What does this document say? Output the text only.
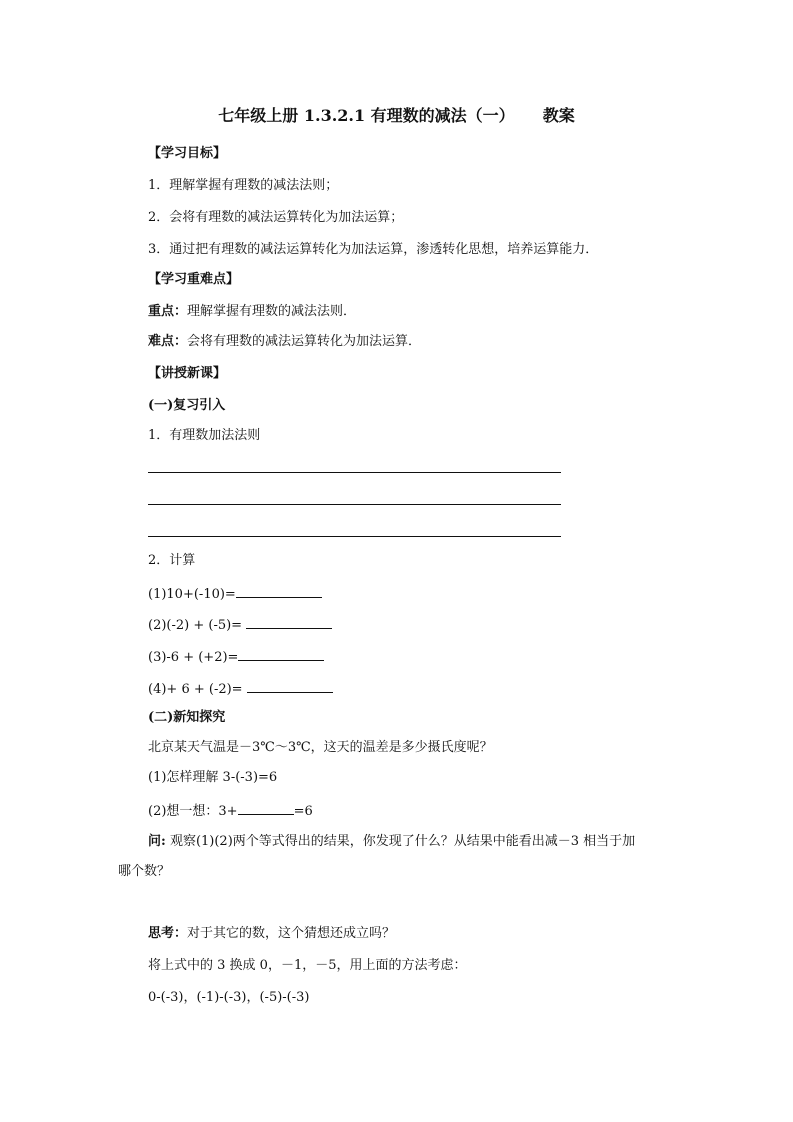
七年级上册 1.3.2.1 有理数的减法（一） 教案
【学习目标】
1．理解掌握有理数的减法法则；
2．会将有理数的减法运算转化为加法运算；
3．通过把有理数的减法运算转化为加法运算，渗透转化思想，培养运算能力．
【学习重难点】
重点：理解掌握有理数的减法法则．
难点：会将有理数的减法运算转化为加法运算．
【讲授新课】
(一)复习引入
1．有理数加法法则
2．计算
(1)10+(-10)=
(2)(-2) + (-5)=
(3)-6 + (+2)=
(4)+ 6 + (-2)=
(二)新知探究
北京某天气温是－3℃～3℃，这天的温差是多少摄氏度呢？
(1)怎样理解 3-(-3)=6
(2)想一想：3+	=6
问: 观察(1)(2)两个等式得出的结果，你发现了什么？从结果中能看出减－3 相当于加
哪个数？
思考：对于其它的数，这个猜想还成立吗？
将上式中的 3 换成 0，－1，－5，用上面的方法考虑：
0-(-3)，(-1)-(-3)，(-5)-(-3)
